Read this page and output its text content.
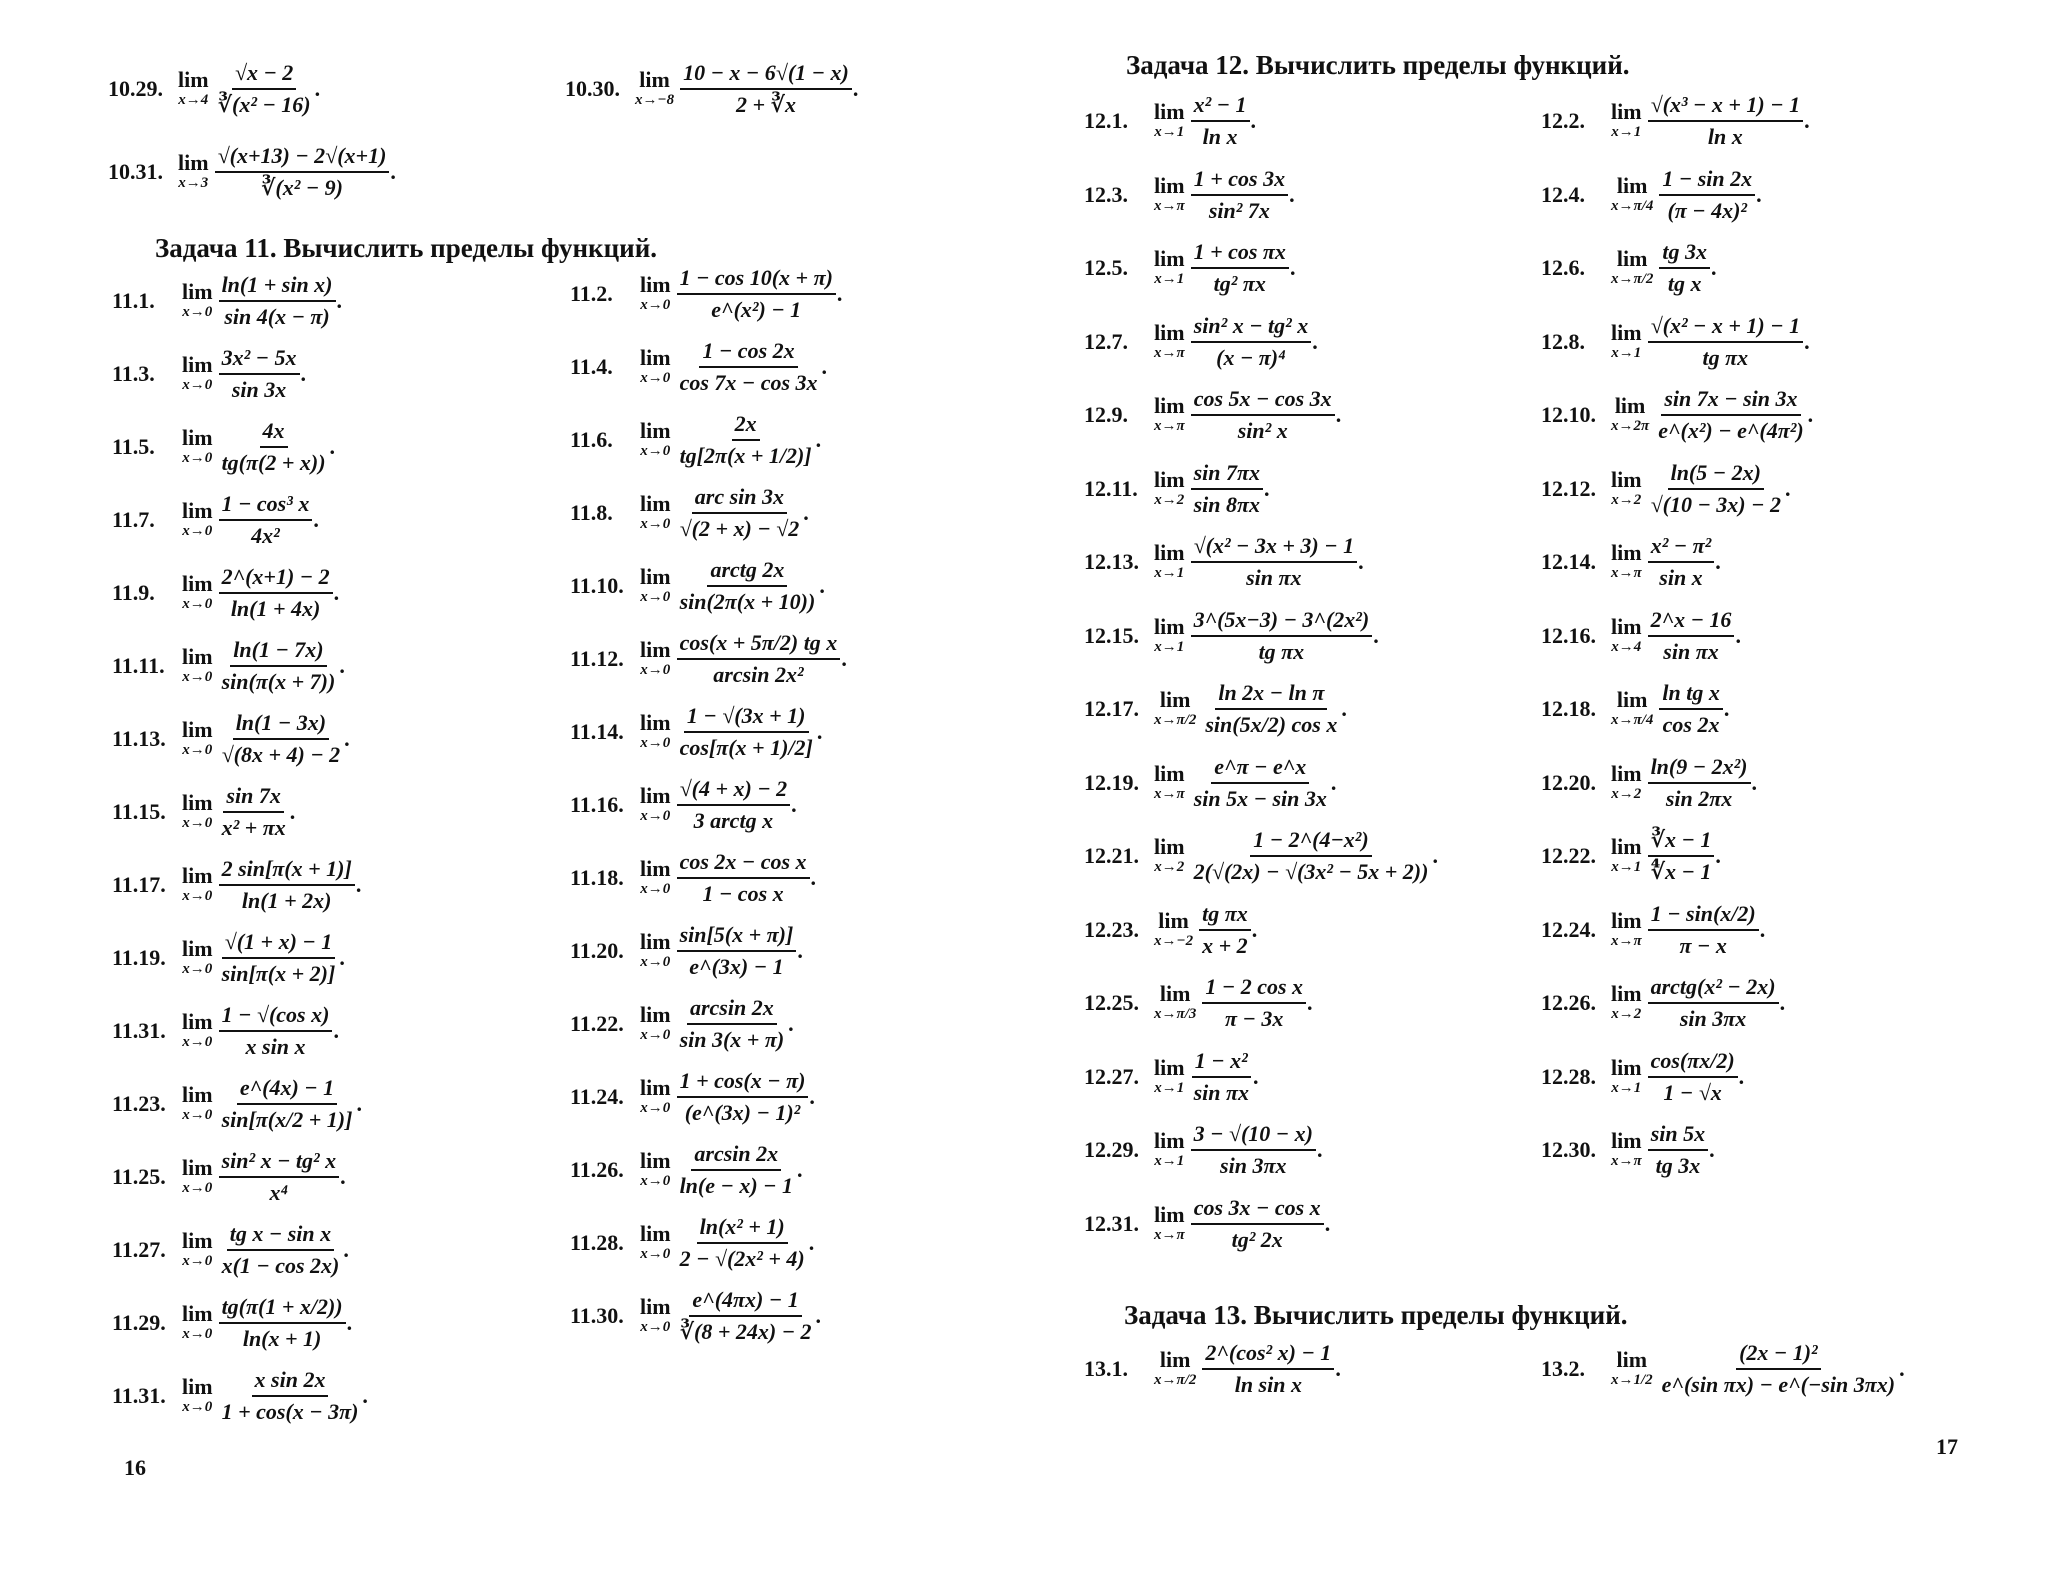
Задача 11. Вычислить пределы функций.
10.29. lim
$x\to 4 \frac{√x - 2}{\text{∛(x² − 16)}}$ .	10.30. lim
$x\to-8 \frac{10 - x - 6√(1 - x)}{2 + ∛x}$ .
10.31. lim
$x\to 3 \frac{√(x+13) - 2√(x+1)}{\text{∛(x² − 9)}}$ .
11.1.	lim
$x\to 0 \frac{\text{ln(1 + sin x)}}{\sin 4(x - \pi)}$ .
11.3.	lim
$x\to 0 \frac{\text{3x² − 5x}}{\sin 3x}$ .
11.5.	lim
$x\to 0 \frac{4x}{tg(\pi(2 + x))}$ .
11.7.	lim
$x\to 0 \frac{\text{1 − cos³ x}}{\text{4x²}}$ .
11.9.	lim
$x\to 0 \frac{2\^{}(x+1) - 2}{\ln(1 + 4x)}$ .
11.11. lim
$x\to 0 \frac{\ln(1 - 7x)}{\sin(\pi(x + 7))}$ .
11.13. lim
$x\to 0 \frac{\ln(1 - 3x)}{√(8x + 4) - 2}$ .
11.15. lim
$x\to 0 \frac{\sin 7x}{\text{x² + πx}}$ .
11.17. lim
$x\to 0 \frac{2 \sin[\pi(x + 1)]}{\ln(1 + 2x)}$ .
11.19. lim
$x\to 0 \frac{√(1 + x) - 1}{\sin[\pi(x + 2)]}$ .
11.31. lim
$x\to 0 \frac{\text{1 − √(cos x)}}{\text{x sin x}}$ .
11.23. lim
$x\to 0 \frac{e\^{}(4x) - 1}{\sin[\pi(x/2 + 1)]}$ .
11.25. lim
$x\to 0 \frac{\text{sin² x − tg² x}}{\text{x⁴}}$ .
11.27. lim
$x\to 0 \frac{\text{tg x − sin x}}{x(1 - \cos 2x)}$ .
11.29. lim
$x\to 0 \frac{tg(\pi(1 + x/2))}{\ln(x + 1)}$ .
11.31. lim
$x\to 0 \frac{\text{x sin 2x}}{1 + \cos(x - 3\pi)}$ .
11.2.	lim
$x\to 0 \frac{1 - \cos 10(x + \pi)}{\text{e\textasciicircum{}(x²) − 1}}$ .
11.4.	lim
$x\to 0 \frac{1 - \cos 2x}{\cos 7x - \cos 3x}$ .
11.6.	lim
$x\to 0 \frac{2x}{tg[2\pi(x + 1/2)]}$ .
11.8.	lim
$x\to 0 \frac{\text{arc sin 3x}}{√(2 + x) - √2}$ .
11.10. lim
$x\to 0 \frac{\text{arctg 2x}}{\sin(2\pi(x + 10))}$ .
11.12. lim
$x\to 0 \frac{\text{cos(x + 5π/2) tg x}}{\text{arcsin 2x²}}$ .
11.14. lim
$x\to 0 \frac{1 - √(3x + 1)}{\cos[\pi(x + 1)/2]}$ .
11.16. lim
$x\to 0 \frac{√(4 + x) - 2}{\text{3 arctg x}}$ .
11.18. lim
$x\to 0 \frac{\text{cos 2x − cos x}}{\text{1 − cos x}}$ .
11.20. lim
$x\to 0 \frac{\sin[5(x + \pi)]}{e\^{}(3x) - 1}$ .
11.22. lim
$x\to 0 \frac{\arcsin 2x}{\sin 3(x + \pi)}$ .
11.24. lim
$x\to 0 \frac{1 + \cos(x - \pi)}{\text{(e\textasciicircum{}(3x) − 1)²}}$ .
11.26. lim
$x\to 0 \frac{\arcsin 2x}{\ln(e - x) - 1}$ .
11.28. lim
$x\to 0 \frac{\text{ln(x² + 1)}}{\text{2 − √(2x² + 4)}}$ .
11.30. lim
$x\to 0 \frac{e\^{}(4\pi x) - 1}{∛(8 + 24x) - 2}$ .
16
Задача 12. Вычислить пределы функций.
12.1.	lim
$x\to 1 \frac{\text{x² − 1}}{\text{ln x}}$ .
12.3.	lim
$x\to\pi \frac{1 + \cos 3x}{\text{sin² 7x}}$ .
12.5.	lim
$x\to 1 \frac{\text{1 + cos πx}}{\text{tg² πx}}$ .
12.7.	lim
$x\to\pi \frac{\text{sin² x − tg² x}}{\text{(x − π)⁴}}$ .
12.9.	lim
$x\to\pi \frac{\cos 5x - \cos 3x}{\text{sin² x}}$ .
12.11. lim
$x\to 2 \frac{\sin 7\pi x}{\sin 8\pi x}$ .
12.13. lim
$x\to 1 \frac{\text{√(x² − 3x + 3) − 1}}{\text{sin πx}}$ .
12.15. lim
$x\to 1 \frac{\text{3\textasciicircum{}(5x−3) − 3\textasciicircum{}(2x²)}}{\text{tg πx}}$ .
12.17. lim
$x\to\pi/2 \frac{\text{ln 2x − ln π}}{\text{sin(5x/2) cos x}}$ .
12.19. lim
$x\to\pi \frac{e\^{}\pi - e\^{}x}{\sin 5x - \sin 3x}$ .
12.21. lim
$x\to 2 \frac{\text{1 − 2\textasciicircum{}(4−x²)}}{\text{2(√(2x) − √(3x² − 5x + 2))}}$ .
12.23. lim
$x\to-2 \frac{\text{tg πx}}{x + 2}$ .
12.25. lim
$x\to\pi/3 \frac{\text{1 − 2 cos x}}{\pi - 3x}$ .
12.27. lim
$x\to 1 \frac{\text{1 − x²}}{\text{sin πx}}$ .
12.29. lim
$x\to 1 \frac{3 - √(10 - x)}{\sin 3\pi x}$ .
12.31. lim
$x\to\pi \frac{\text{cos 3x − cos x}}{\text{tg² 2x}}$ .
12.2.	lim
$x\to 1 \frac{\text{√(x³ − x + 1) − 1}}{\text{ln x}}$ .
12.4.	lim
$x\to\pi/4 \frac{1 - \sin 2x}{\text{(π − 4x)²}}$ .
12.6.	lim
$x\to\pi/2 \frac{tg 3x}{\text{tg x}}$ .
12.8.	lim
$x\to 1 \frac{\text{√(x² − x + 1) − 1}}{\text{tg πx}}$ .
12.10. lim
$x\to 2\pi \frac{\sin 7x - \sin 3x}{\text{e\textasciicircum{}(x²) − e\textasciicircum{}(4π²)}}$ .
12.12. lim
$x\to 2 \frac{\ln(5 - 2x)}{√(10 - 3x) - 2}$ .
12.14. lim
$x\to\pi \frac{\text{x² − π²}}{\text{sin x}}$ .
12.16. lim
$x\to 4 \frac{2\^{}x - 16}{\text{sin πx}}$ .
12.18. lim
$x\to\pi/4 \frac{\text{ln tg x}}{\cos 2x}$ .
12.20. lim
$x\to 2 \frac{\text{ln(9 − 2x²)}}{\sin 2\pi x}$ .
12.22. lim
$x\to 1 \frac{∛x - 1}{∜x - 1}$ .
12.24. lim
$x\to\pi \frac{1 - \sin(x/2)}{\pi - x}$ .
12.26. lim
$x\to 2 \frac{\text{arctg(x² − 2x)}}{\sin 3\pi x}$ .
12.28. lim
$x\to 1 \frac{\cos(\pi x/2)}{1 - √x}$ .
12.30. lim
$x\to\pi \frac{\sin 5x}{tg 3x}$ .
Задача 13. Вычислить пределы функций.
13.1.	lim
$x\to\pi/2 \frac{\text{2\textasciicircum{}(cos² x) − 1}}{\text{ln sin x}}$ .	13.2.	lim
$x\to 1/2 \frac{\text{(2x − 1)²}}{\text{e\textasciicircum{}(sin πx) − e\textasciicircum{}(−sin 3πx)}}$ .
17
